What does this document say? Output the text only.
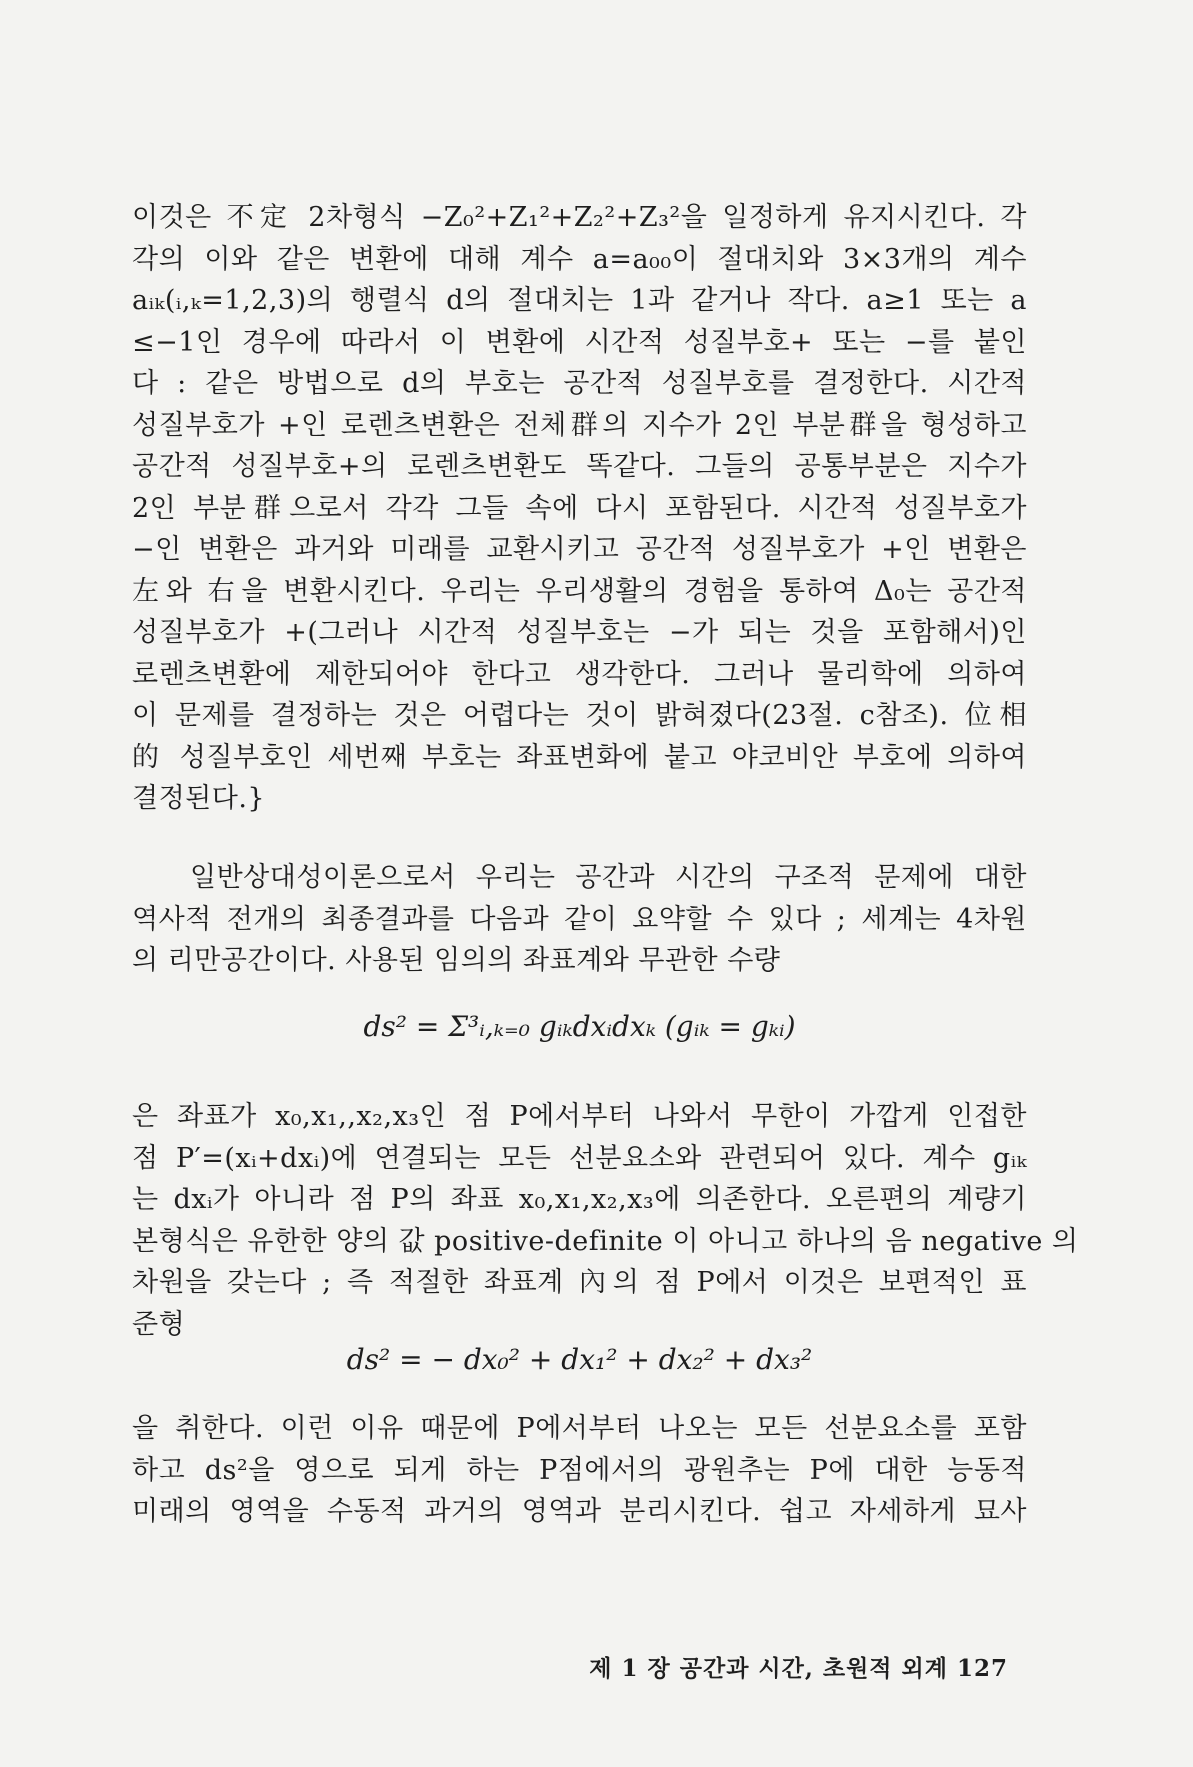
이것은 不定 2차형식 −Z₀²+Z₁²+Z₂²+Z₃²을 일정하게 유지시킨다. 각
각의 이와 같은 변환에 대해 계수 a=a₀₀이 절대치와 3×3개의 계수
aᵢₖ(ᵢ,ₖ=1,2,3)의 행렬식 d의 절대치는 1과 같거나 작다. a≥1 또는 a
≤−1인 경우에 따라서 이 변환에 시간적 성질부호+ 또는 −를 붙인
다 : 같은 방법으로 d의 부호는 공간적 성질부호를 결정한다. 시간적
성질부호가 +인 로렌츠변환은 전체群의 지수가 2인 부분群을 형성하고
공간적 성질부호+의 로렌츠변환도 똑같다. 그들의 공통부분은 지수가
2인 부분群으로서 각각 그들 속에 다시 포함된다. 시간적 성질부호가
−인 변환은 과거와 미래를 교환시키고 공간적 성질부호가 +인 변환은
左와 右을 변환시킨다. 우리는 우리생활의 경험을 통하여 Δ₀는 공간적
성질부호가 +(그러나 시간적 성질부호는 −가 되는 것을 포함해서)인
로렌츠변환에 제한되어야 한다고 생각한다. 그러나 물리학에 의하여
이 문제를 결정하는 것은 어렵다는 것이 밝혀졌다(23절. c참조). 位相
的 성질부호인 세번째 부호는 좌표변화에 붙고 야코비안 부호에 의하여
결정된다.}
일반상대성이론으로서 우리는 공간과 시간의 구조적 문제에 대한
역사적 전개의 최종결과를 다음과 같이 요약할 수 있다 ; 세계는 4차원
의 리만공간이다. 사용된 임의의 좌표계와 무관한 수량
ds² = Σ³ᵢ,ₖ₌₀ gᵢₖdxᵢdxₖ (gᵢₖ = gₖᵢ)
은 좌표가 x₀,x₁,,x₂,x₃인 점 P에서부터 나와서 무한이 가깝게 인접한
점 P′=(xᵢ+dxᵢ)에 연결되는 모든 선분요소와 관련되어 있다. 계수 gᵢₖ
는 dxᵢ가 아니라 점 P의 좌표 x₀,x₁,x₂,x₃에 의존한다. 오른편의 계량기
본형식은 유한한 양의 값 positive-definite 이 아니고 하나의 음 negative 의
차원을 갖는다 ; 즉 적절한 좌표계 內의 점 P에서 이것은 보편적인 표
준형
ds² = − dx₀² + dx₁² + dx₂² + dx₃²
을 취한다. 이런 이유 때문에 P에서부터 나오는 모든 선분요소를 포함
하고 ds²을 영으로 되게 하는 P점에서의 광원추는 P에 대한 능동적
미래의 영역을 수동적 과거의 영역과 분리시킨다. 쉽고 자세하게 묘사
제 1 장 공간과 시간, 초원적 외계 127
